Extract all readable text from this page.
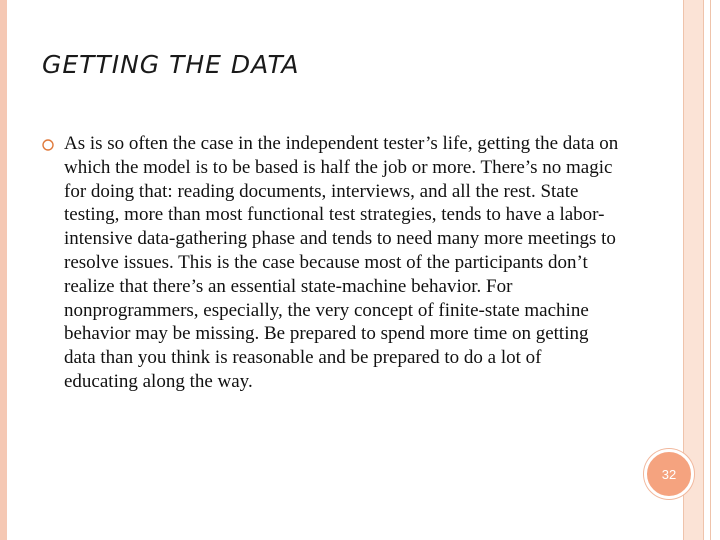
GETTING THE DATA
As is so often the case in the independent tester’s life, getting the data on which the model is to be based is half the job or more. There’s no magic for doing that: reading documents, interviews, and all the rest. State testing, more than most functional test strategies, tends to have a labor-intensive data-gathering phase and tends to need many more meetings to resolve issues. This is the case because most of the participants don’t realize that there’s an essential state-machine behavior. For nonprogrammers, especially, the very concept of finite-state machine behavior may be missing. Be prepared to spend more time on getting data than you think is reasonable and be prepared to do a lot of educating along the way.
32
